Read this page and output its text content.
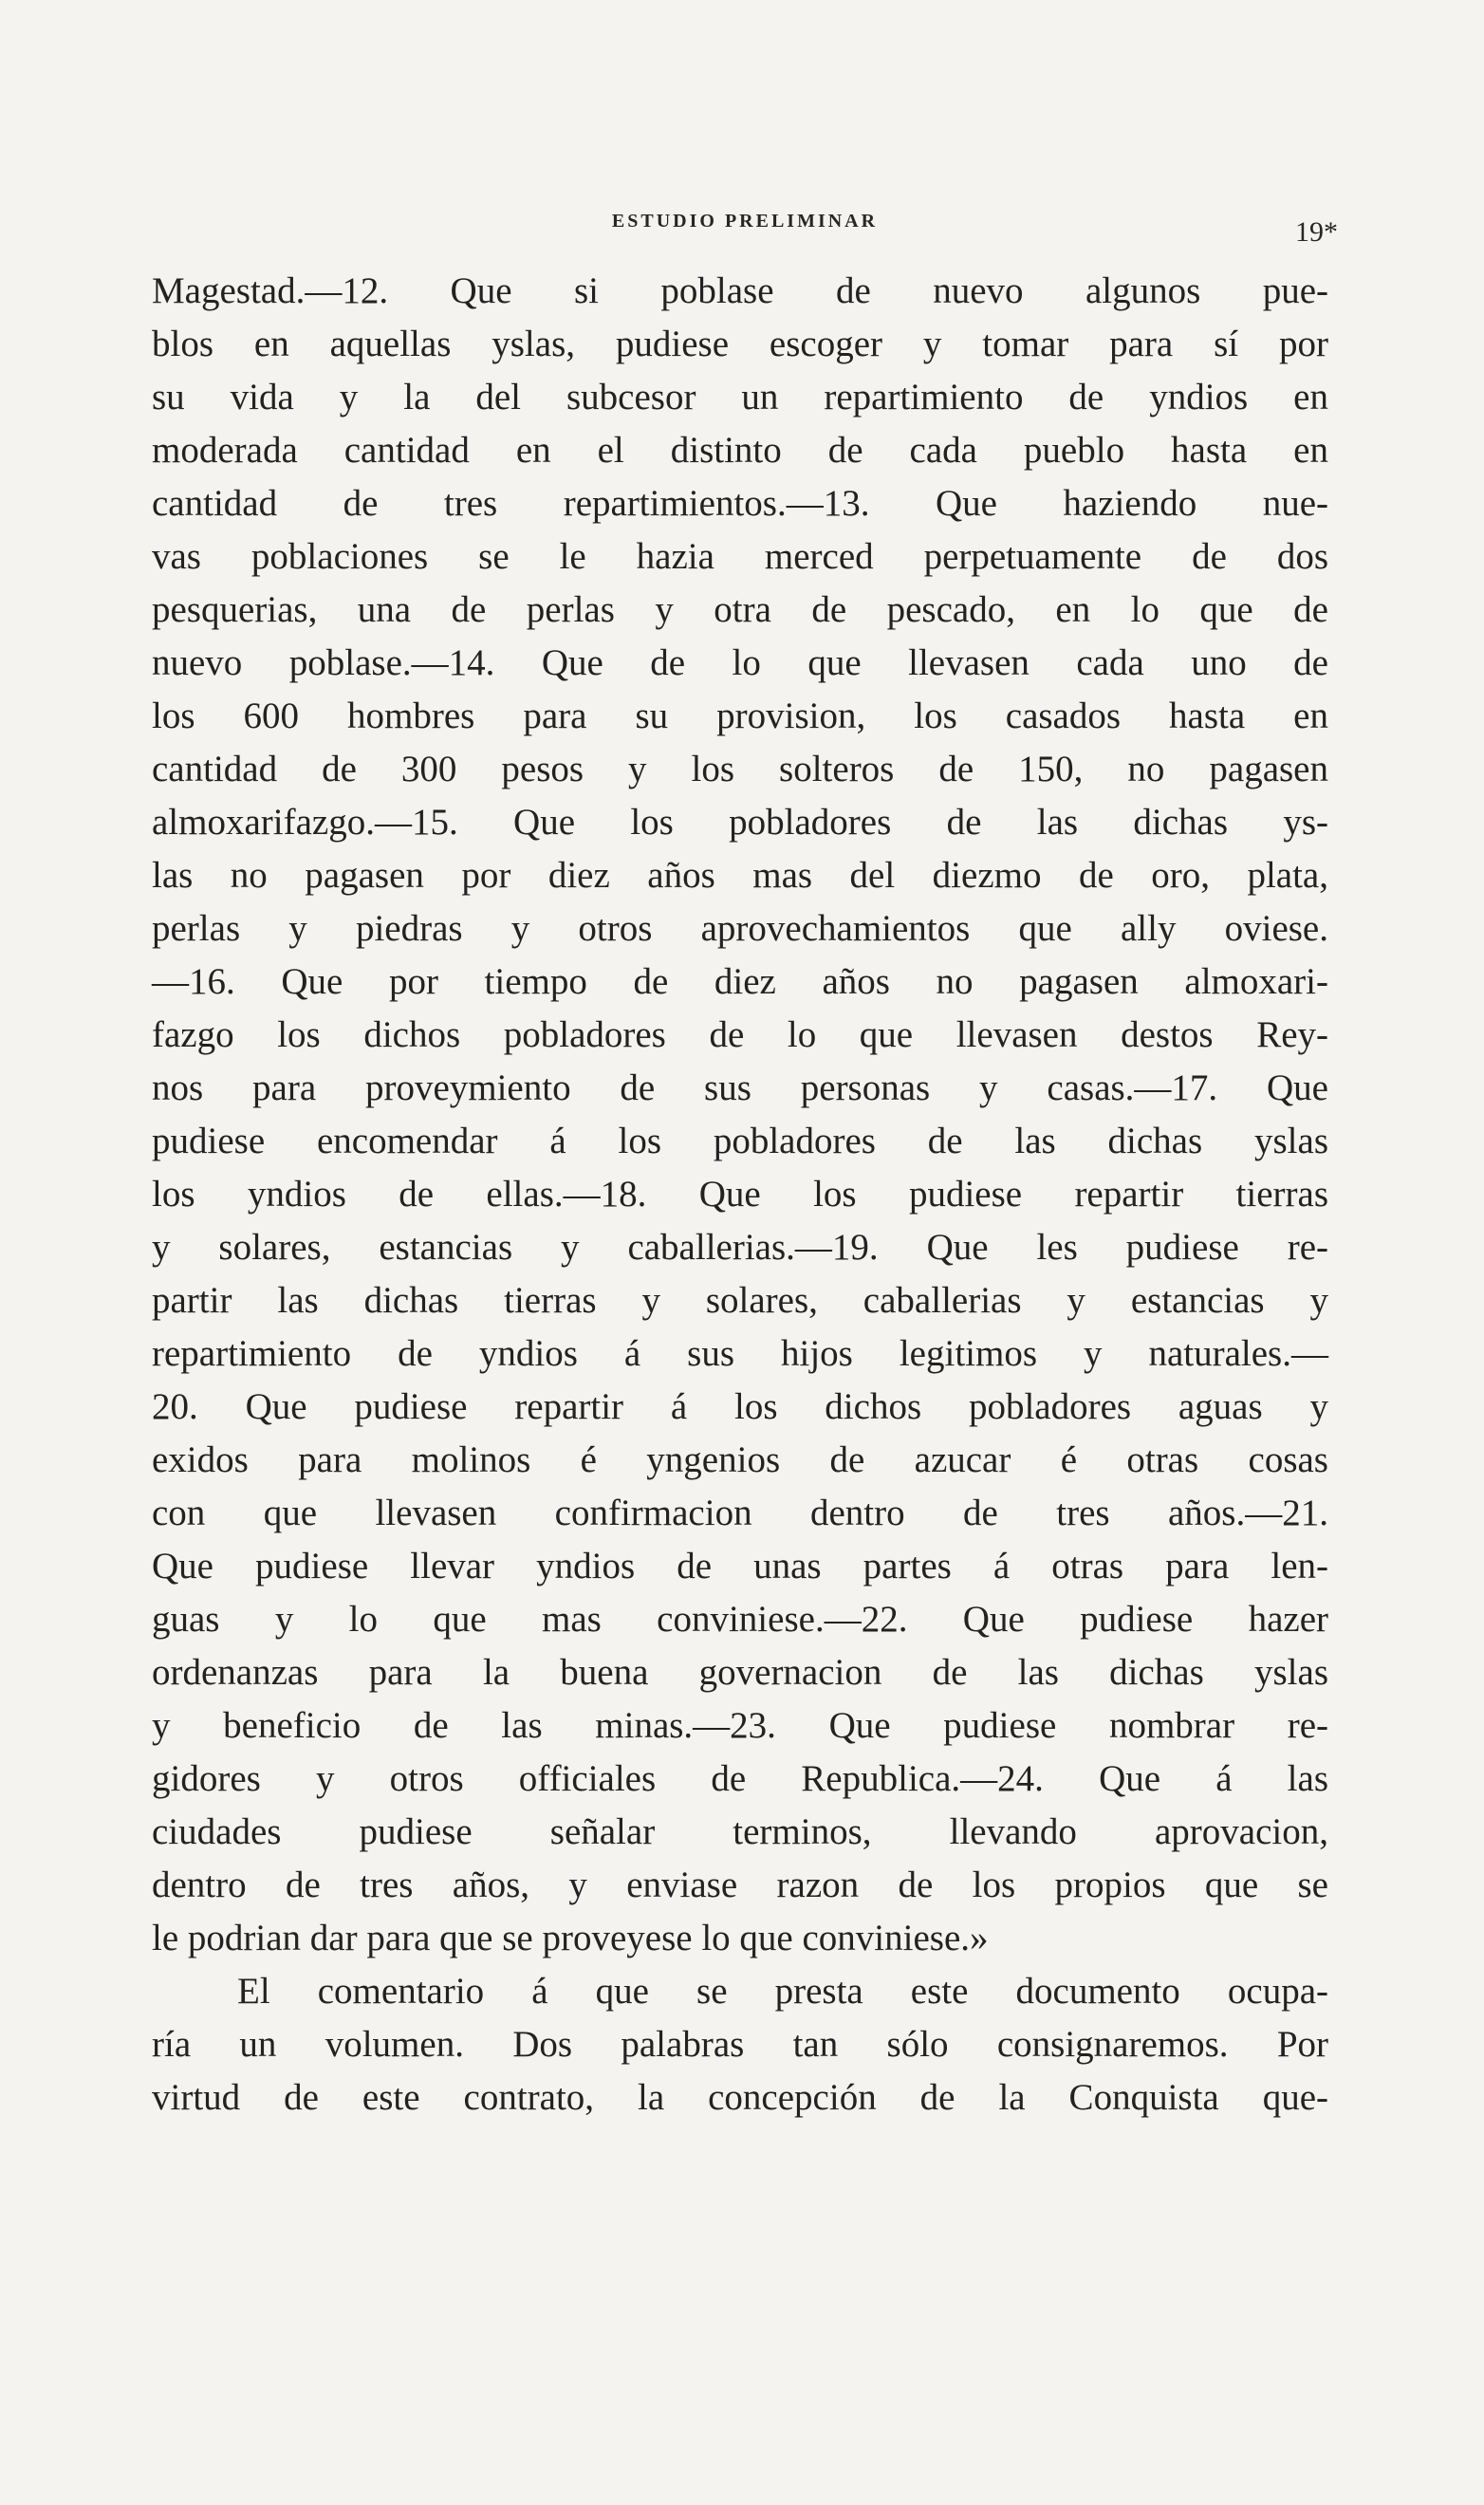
ESTUDIO PRELIMINAR	19*
Magestad.—12. Que si poblase de nuevo algunos pue-
blos en aquellas yslas, pudiese escoger y tomar para sí por
su vida y la del subcesor un repartimiento de yndios en
moderada cantidad en el distinto de cada pueblo hasta en
cantidad de tres repartimientos.—13. Que haziendo nue-
vas poblaciones se le hazia merced perpetuamente de dos
pesquerias, una de perlas y otra de pescado, en lo que de
nuevo poblase.—14. Que de lo que llevasen cada uno de
los 600 hombres para su provision, los casados hasta en
cantidad de 300 pesos y los solteros de 150, no pagasen
almoxarifazgo.—15. Que los pobladores de las dichas ys-
las no pagasen por diez años mas del diezmo de oro, plata,
perlas y piedras y otros aprovechamientos que ally oviese.
—16. Que por tiempo de diez años no pagasen almoxari-
fazgo los dichos pobladores de lo que llevasen destos Rey-
nos para proveymiento de sus personas y casas.—17. Que
pudiese encomendar á los pobladores de las dichas yslas
los yndios de ellas.—18. Que los pudiese repartir tierras
y solares, estancias y caballerias.—19. Que les pudiese re-
partir las dichas tierras y solares, caballerias y estancias y
repartimiento de yndios á sus hijos legitimos y naturales.—
20. Que pudiese repartir á los dichos pobladores aguas y
exidos para molinos é yngenios de azucar é otras cosas
con que llevasen confirmacion dentro de tres años.—21.
Que pudiese llevar yndios de unas partes á otras para len-
guas y lo que mas conviniese.—22. Que pudiese hazer
ordenanzas para la buena governacion de las dichas yslas
y beneficio de las minas.—23. Que pudiese nombrar re-
gidores y otros officiales de Republica.—24. Que á las
ciudades pudiese señalar terminos, llevando aprovacion,
dentro de tres años, y enviase razon de los propios que se
le podrian dar para que se proveyese lo que conviniese.»
El comentario á que se presta este documento ocupa-
ría un volumen. Dos palabras tan sólo consignaremos. Por
virtud de este contrato, la concepción de la Conquista que-
